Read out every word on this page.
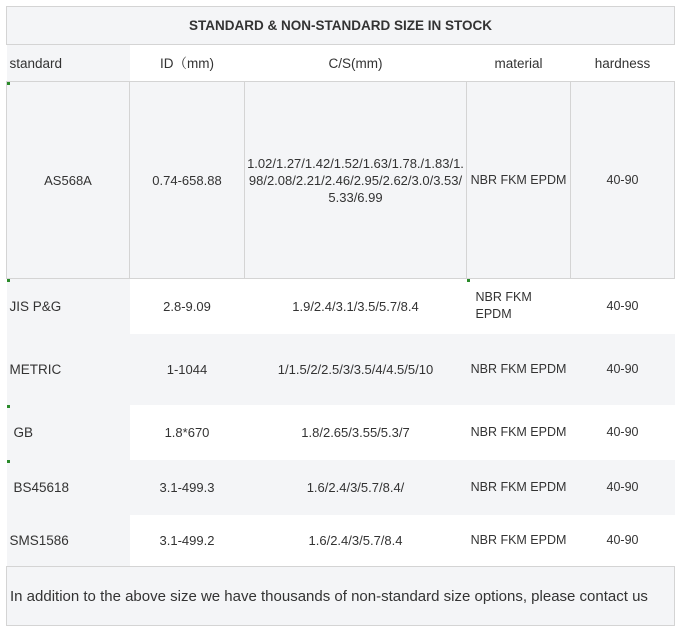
STANDARD & NON-STANDARD SIZE IN STOCK				
standard	ID（mm)	C/S(mm)	material	hardness
AS568A	0.74-658.88	1.02/1.27/1.42/1.52/1.63/1.78./1.83/1.98/2.08/2.21/2.46/2.95/2.62/3.0/3.53/5.33/6.99	NBR FKM EPDM	40-90
JIS P&G	2.8-9.09	1.9/2.4/3.1/3.5/5.7/8.4	NBR FKM EPDM	40-90
METRIC	1-1044	1/1.5/2/2.5/3/3.5/4/4.5/5/10	NBR FKM EPDM	40-90
GB	1.8*670	1.8/2.65/3.55/5.3/7	NBR FKM EPDM	40-90
BS45618	3.1-499.3	1.6/2.4/3/5.7/8.4/	NBR FKM EPDM	40-90
SMS1586	3.1-499.2	1.6/2.4/3/5.7/8.4	NBR FKM EPDM	40-90
In addition to the above size we have thousands of non-standard size options, please contact us				
